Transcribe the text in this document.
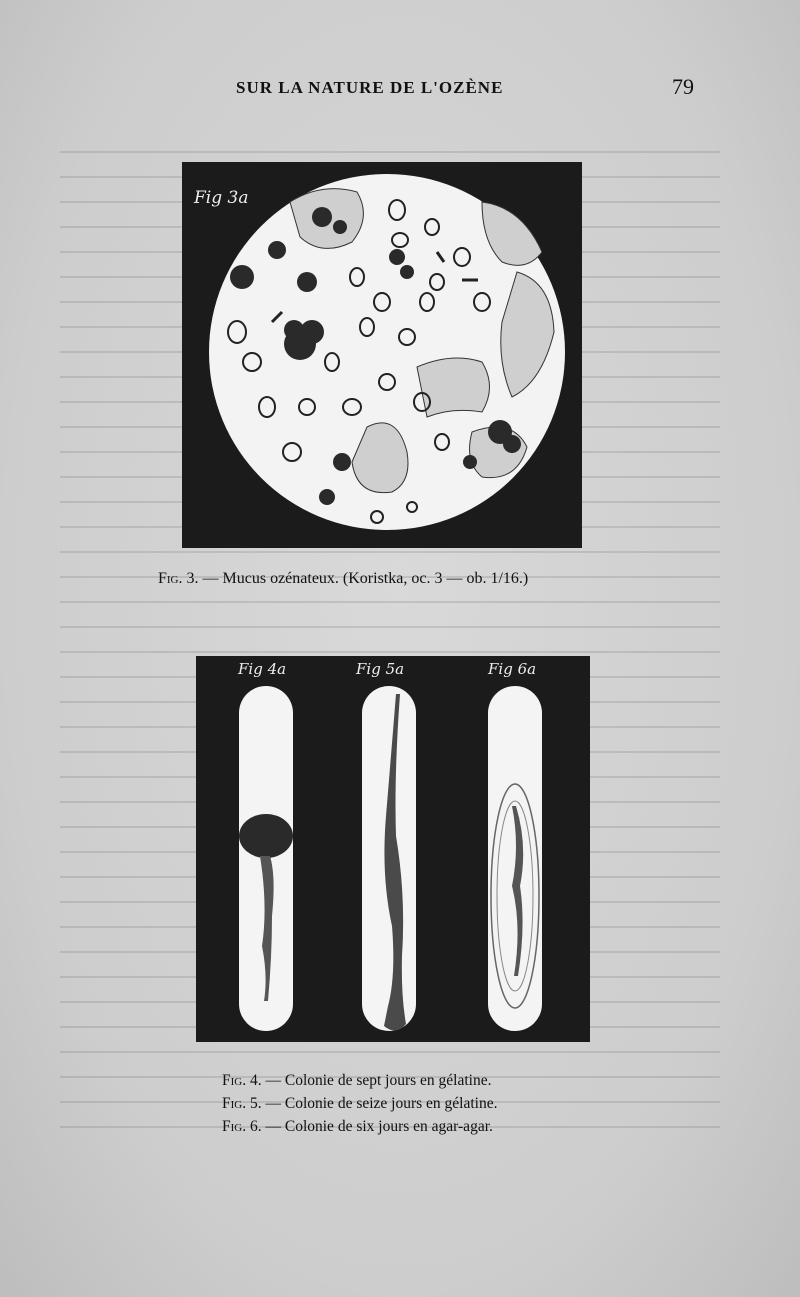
SUR LA NATURE DE L'OZÈNE	79
Fig 3a
Fig. 3. — Mucus ozénateux. (Koristka, oc. 3 — ob. 1/16.)
Fig 4a	Fig 5a	Fig 6a
Fig. 4. — Colonie de sept jours en gélatine.
Fig. 5. — Colonie de seize jours en gélatine.
Fig. 6. — Colonie de six jours en agar-agar.
